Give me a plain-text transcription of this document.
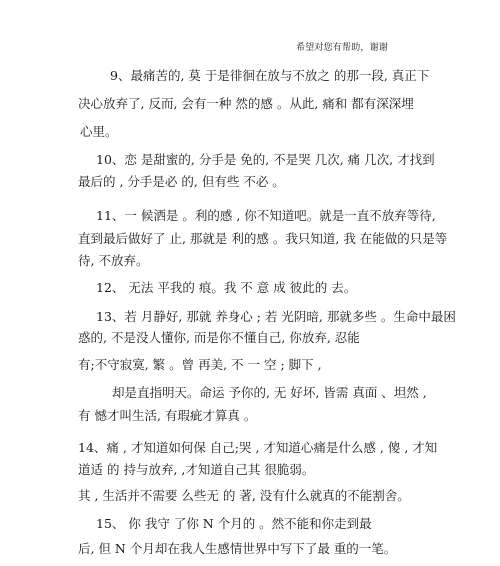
希望对您有帮助，谢谢
9、最痛苦的, 莫 于是徘徊在放与不放之 的那一段, 真正下
决心放弃了, 反而, 会有一种 然的感 。从此, 痛和 都有深深埋
心里。
10、恋 是甜蜜的, 分手是 免的, 不是哭 几次, 痛 几次, 才找到
最后的 , 分手是必 的, 但有些 不必 。
11、一 候洒是 。利的感 , 你不知道吧。就是一直不放弃等待,
直到最后做好了 止, 那就是 利的感 。我只知道, 我 在能做的只是等
待, 不放弃。
12、 无法 平我的 痕。我 不 意 成 彼此的 去。
13、若 月静好, 那就 养身心 ; 若 光阴暗, 那就多些 。生命中最困
惑的, 不是没人懂你, 而是你不懂自己, 你放弃, 忍能
有;不守寂寞, 繁 。曾 再美, 不 一 空 ; 脚下 ,
却是直指明天。命运 予你的, 无 好坏, 皆需 真面 、坦然 ,
有 憾才叫生活, 有瑕疵才算真 。
14、痛 , 才知道如何保 自己;哭 , 才知道心痛是什么感 , 傻 , 才知
道适 的 持与放弃, ,才知道自己其 很脆弱。
其 , 生活并不需要 么些无 的 著, 没有什么就真的不能割舍。
15、 你 我守 了你 N 个月的 。然不能和你走到最
后, 但 N 个月却在我人生感情世界中写下了最 重的一笔。
